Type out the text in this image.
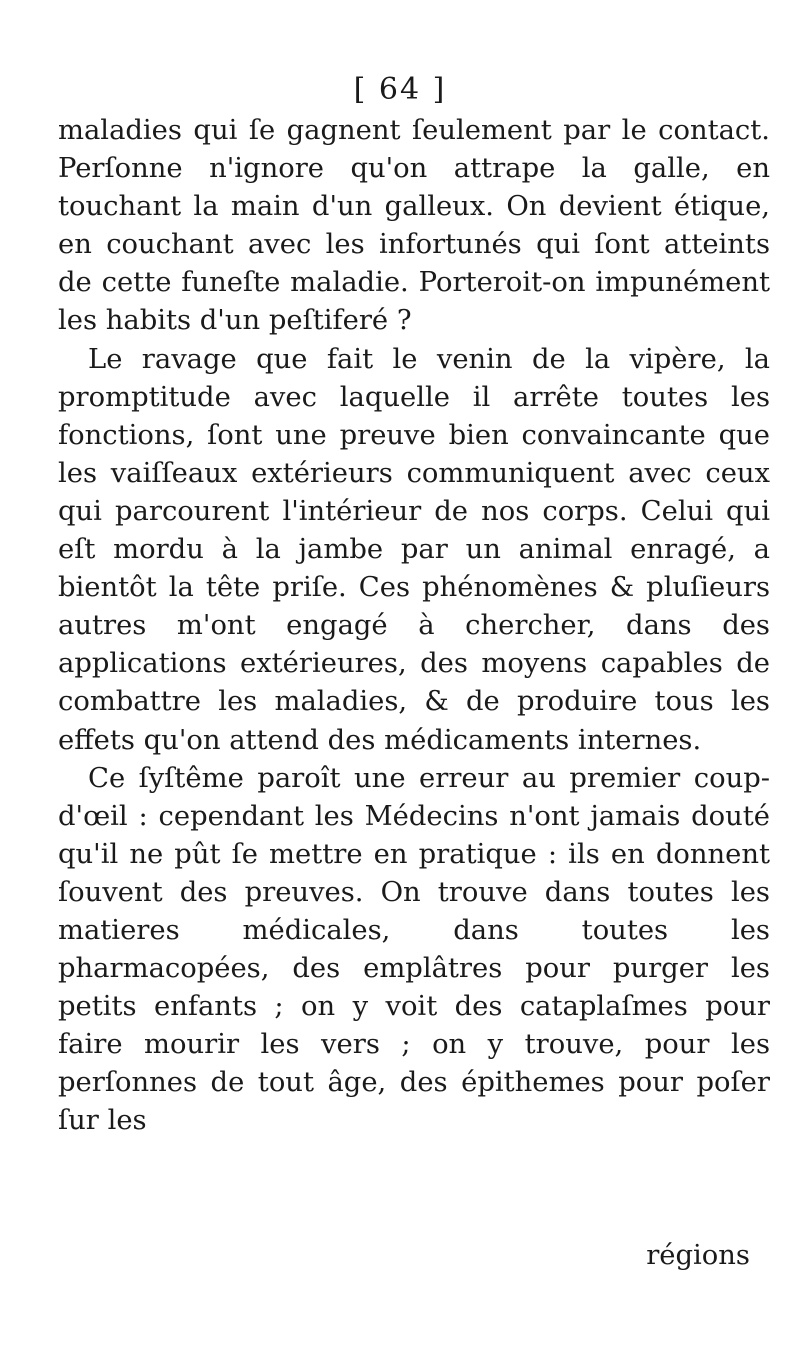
[ 64 ]

maladies qui ſe gagnent ſeulement par le contact. Perſonne n'ignore qu'on attrape la galle, en touchant la main d'un galleux. On devient étique, en couchant avec les infortunés qui ſont atteints de cette funeſte maladie. Porteroit-on impunément les habits d'un peſtiferé ?

Le ravage que fait le venin de la vipère, la promptitude avec laquelle il arrête toutes les fonctions, ſont une preuve bien convaincante que les vaiſſeaux extérieurs communiquent avec ceux qui parcourent l'intérieur de nos corps. Celui qui eſt mordu à la jambe par un animal enragé, a bientôt la tête priſe. Ces phénomènes & pluſieurs autres m'ont engagé à chercher, dans des applications extérieures, des moyens capables de combattre les maladies, & de produire tous les effets qu'on attend des médicaments internes.

Ce ſyſtême paroît une erreur au premier coup-d'œil : cependant les Médecins n'ont jamais douté qu'il ne pût ſe mettre en pratique : ils en donnent ſouvent des preuves. On trouve dans toutes les matieres médicales, dans toutes les pharmacopées, des emplâtres pour purger les petits enfants ; on y voit des cataplaſmes pour faire mourir les vers ; on y trouve, pour les perſonnes de tout âge, des épithemes pour poſer ſur les

régions
